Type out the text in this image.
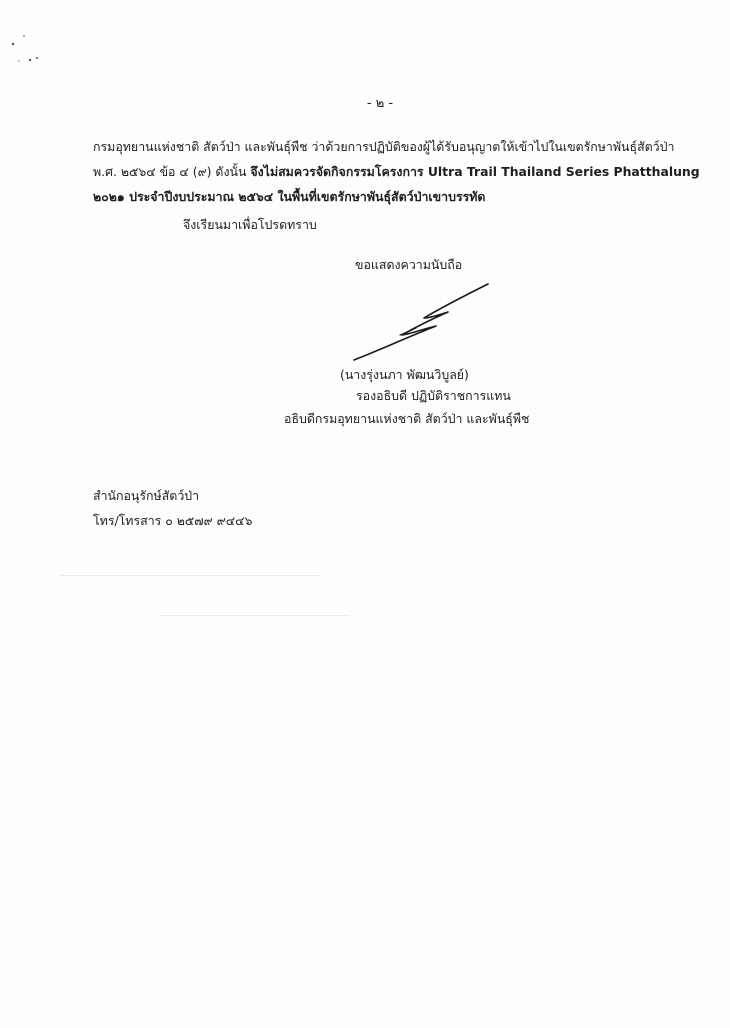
- ๒ -
กรมอุทยานแห่งชาติ สัตว์ป่า และพันธุ์พืช ว่าด้วยการปฏิบัติของผู้ได้รับอนุญาตให้เข้าไปในเขตรักษาพันธุ์สัตว์ป่า
พ.ศ. ๒๕๖๔ ข้อ ๔ (๙) ดังนั้น จึงไม่สมควรจัดกิจกรรมโครงการ Ultra Trail Thailand Series Phatthalung
๒๐๒๑ ประจำปีงบประมาณ ๒๕๖๔ ในพื้นที่เขตรักษาพันธุ์สัตว์ป่าเขาบรรทัด
จึงเรียนมาเพื่อโปรดทราบ
ขอแสดงความนับถือ
(นางรุ่งนภา พัฒนวิบูลย์)
รองอธิบดี ปฏิบัติราชการแทน
อธิบดีกรมอุทยานแห่งชาติ สัตว์ป่า และพันธุ์พืช
สำนักอนุรักษ์สัตว์ป่า
โทร/โทรสาร ๐ ๒๕๗๙ ๙๔๔๖
